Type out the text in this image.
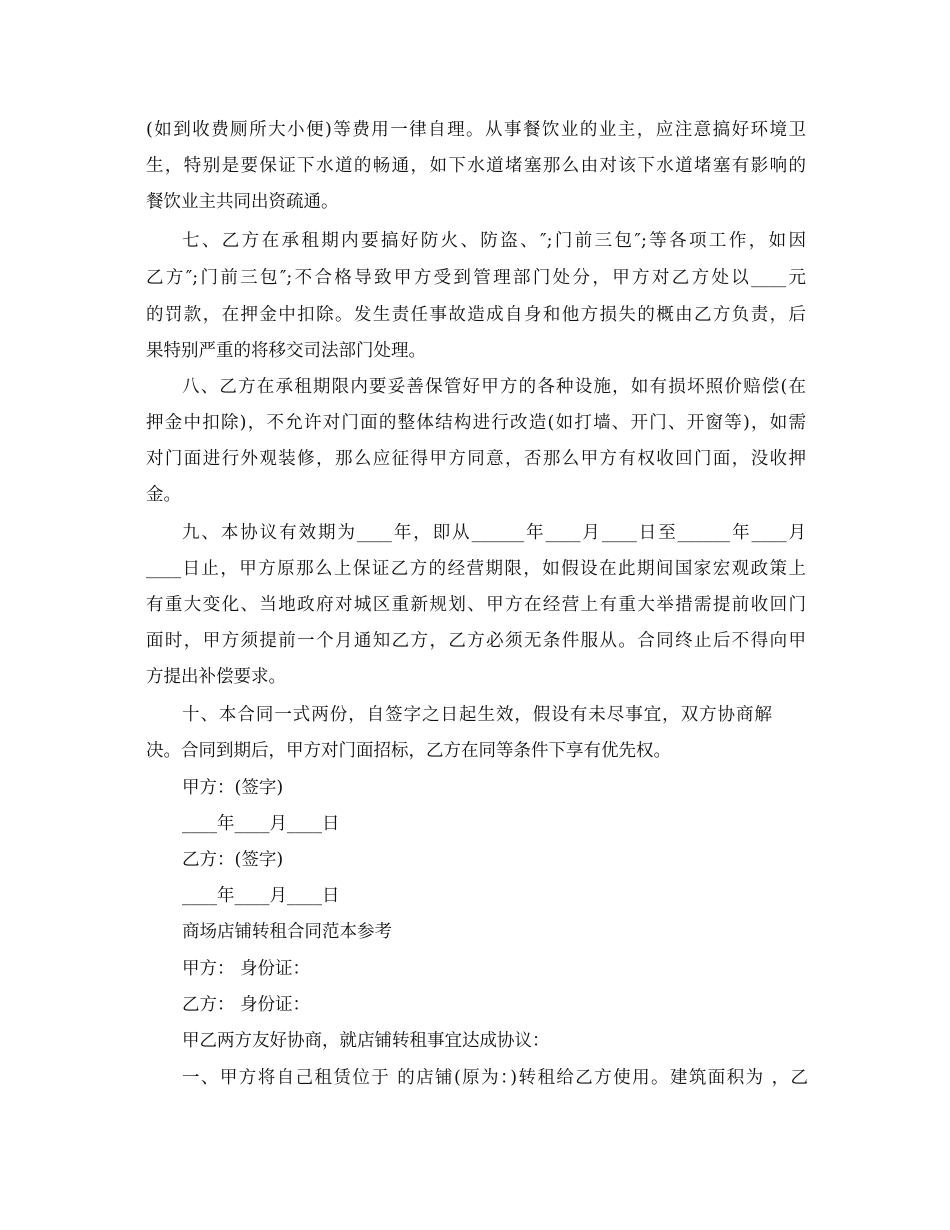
(如到收费厕所大小便)等费用一律自理。从事餐饮业的业主，应注意搞好环境卫

生，特别是要保证下水道的畅通，如下水道堵塞那么由对该下水道堵塞有影响的

餐饮业主共同出资疏通。

七、乙方在承租期内要搞好防火、防盗、″;门前三包″;等各项工作，如因

乙方″;门前三包″;不合格导致甲方受到管理部门处分，甲方对乙方处以____元

的罚款，在押金中扣除。发生责任事故造成自身和他方损失的概由乙方负责，后

果特别严重的将移交司法部门处理。

八、乙方在承租期限内要妥善保管好甲方的各种设施，如有损坏照价赔偿(在

押金中扣除)，不允许对门面的整体结构进行改造(如打墙、开门、开窗等)，如需

对门面进行外观装修，那么应征得甲方同意，否那么甲方有权收回门面，没收押

金。

九、本协议有效期为____年，即从______年____月____日至______年____月

____日止，甲方原那么上保证乙方的经营期限，如假设在此期间国家宏观政策上

有重大变化、当地政府对城区重新规划、甲方在经营上有重大举措需提前收回门

面时，甲方须提前一个月通知乙方，乙方必须无条件服从。合同终止后不得向甲

方提出补偿要求。

十、本合同一式两份，自签字之日起生效，假设有未尽事宜，双方协商解

决。合同到期后，甲方对门面招标，乙方在同等条件下享有优先权。

甲方：(签字)

____年____月____日

乙方：(签字)

____年____月____日

商场店铺转租合同范本参考

甲方： 身份证：

乙方： 身份证：

甲乙两方友好协商，就店铺转租事宜达成协议：

一、甲方将自己租赁位于 的店铺(原为：)转租给乙方使用。建筑面积为 ，乙
